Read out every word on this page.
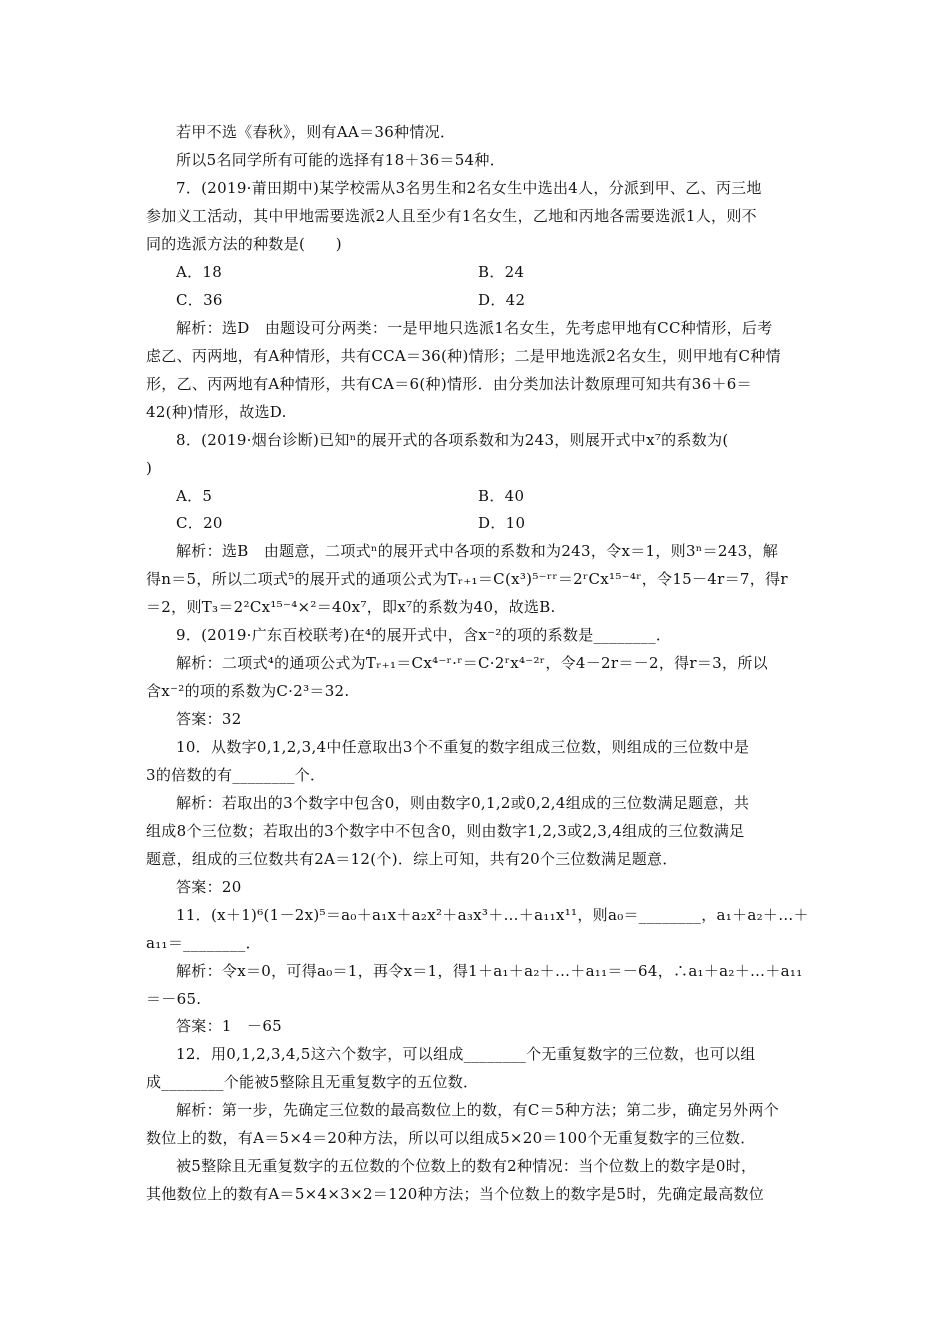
若甲不选《春秋》，则有AA＝36种情况．
所以5名同学所有可能的选择有18＋36＝54种．
7．(2019·莆田期中)某学校需从3名男生和2名女生中选出4人，分派到甲、乙、丙三地
参加义工活动，其中甲地需要选派2人且至少有1名女生，乙地和丙地各需要选派1人，则不
同的选派方法的种数是(　　)
A．18	B．24
C．36	D．42
解析：选D　由题设可分两类：一是甲地只选派1名女生，先考虑甲地有CC种情形，后考
虑乙、丙两地，有A种情形，共有CCA＝36(种)情形；二是甲地选派2名女生，则甲地有C种情
形，乙、丙两地有A种情形，共有CA＝6(种)情形．由分类加法计数原理可知共有36＋6＝
42(种)情形，故选D.
8．(2019·烟台诊断)已知ⁿ的展开式的各项系数和为243，则展开式中x⁷的系数为(
)
A．5	B．40
C．20	D．10
解析：选B　由题意，二项式ⁿ的展开式中各项的系数和为243，令x＝1，则3ⁿ＝243，解
得n＝5，所以二项式⁵的展开式的通项公式为Tᵣ₊₁＝C(x³)⁵⁻ʳʳ＝2ʳCx¹⁵⁻⁴ʳ，令15－4r＝7，得r
＝2，则T₃＝2²Cx¹⁵⁻⁴×²＝40x⁷，即x⁷的系数为40，故选B.
9．(2019·广东百校联考)在⁴的展开式中，含x⁻²的项的系数是________．
解析：二项式⁴的通项公式为Tᵣ₊₁＝Cx⁴⁻ʳ·ʳ＝C·2ʳx⁴⁻²ʳ，令4－2r＝－2，得r＝3，所以
含x⁻²的项的系数为C·2³＝32.
答案：32
10．从数字0,1,2,3,4中任意取出3个不重复的数字组成三位数，则组成的三位数中是
3的倍数的有________个．
解析：若取出的3个数字中包含0，则由数字0,1,2或0,2,4组成的三位数满足题意，共
组成8个三位数；若取出的3个数字中不包含0，则由数字1,2,3或2,3,4组成的三位数满足
题意，组成的三位数共有2A＝12(个)．综上可知，共有20个三位数满足题意．
答案：20
11．(x＋1)⁶(1－2x)⁵＝a₀＋a₁x＋a₂x²＋a₃x³＋…＋a₁₁x¹¹，则a₀＝________，a₁＋a₂＋…＋
a₁₁＝________．
解析：令x＝0，可得a₀＝1，再令x＝1，得1＋a₁＋a₂＋…＋a₁₁＝－64，∴a₁＋a₂＋…＋a₁₁
＝－65.
答案：1　－65
12．用0,1,2,3,4,5这六个数字，可以组成________个无重复数字的三位数，也可以组
成________个能被5整除且无重复数字的五位数．
解析：第一步，先确定三位数的最高数位上的数，有C＝5种方法；第二步，确定另外两个
数位上的数，有A＝5×4＝20种方法，所以可以组成5×20＝100个无重复数字的三位数．
被5整除且无重复数字的五位数的个位数上的数有2种情况：当个位数上的数字是0时，
其他数位上的数有A＝5×4×3×2＝120种方法；当个位数上的数字是5时，先确定最高数位
